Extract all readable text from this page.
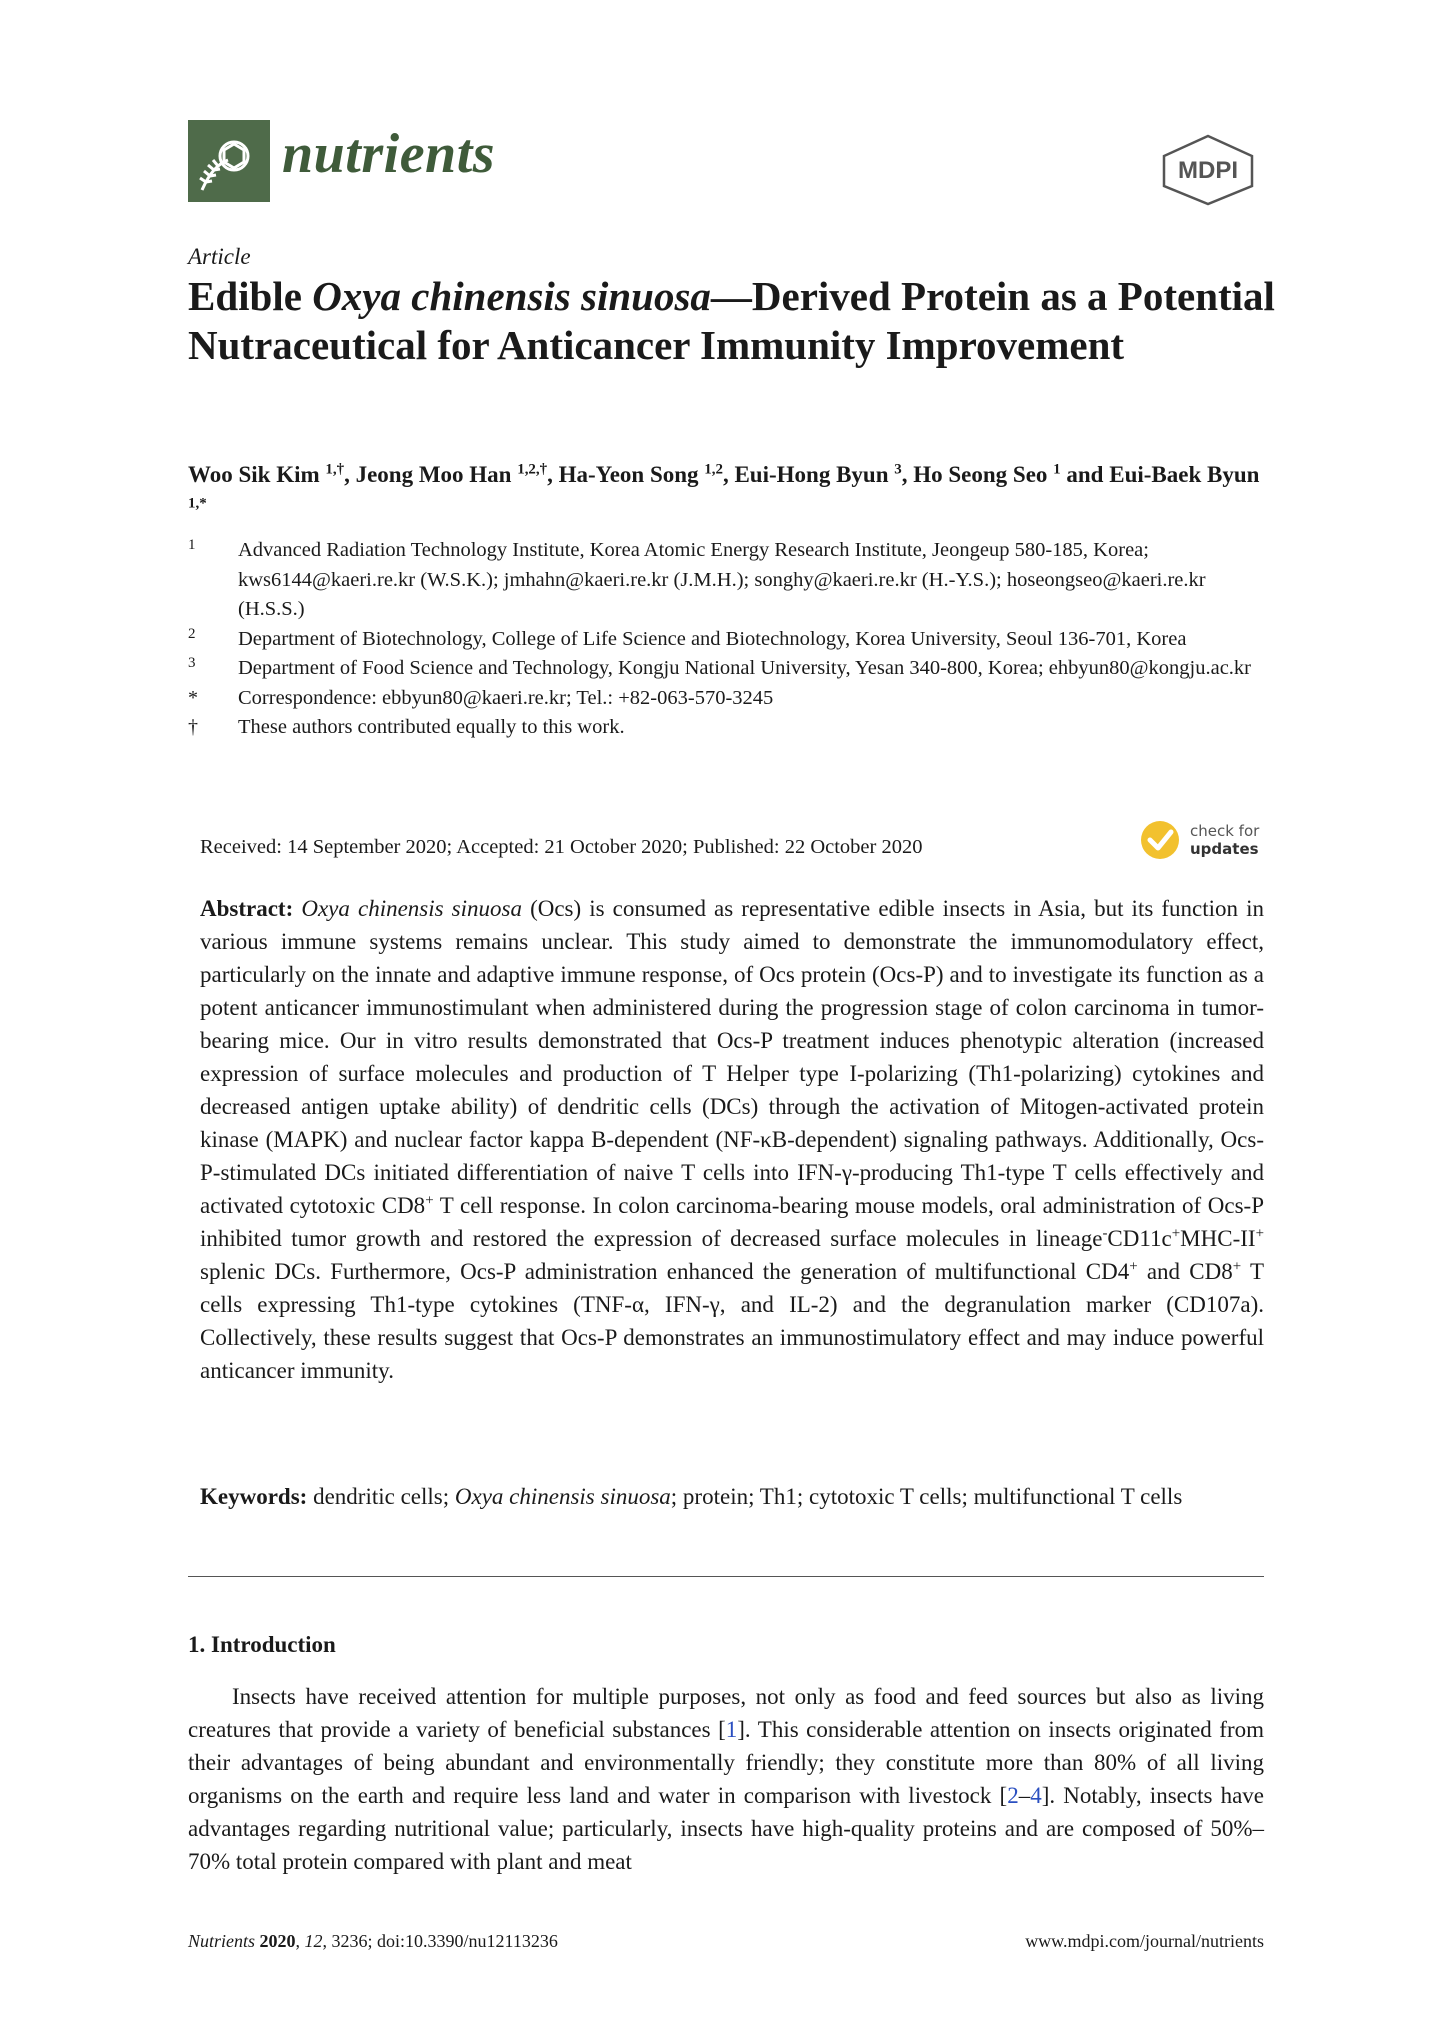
nutrients	MDPI
Article
Edible Oxya chinensis sinuosa—Derived Protein as a Potential Nutraceutical for Anticancer Immunity Improvement
Woo Sik Kim $^{1,\dagger}$, Jeong Moo Han $^{1,2,\dagger}$, Ha-Yeon Song $^{1,2}$, Eui-Hong Byun $^3$, Ho Seong Seo $^1$ and Eui-Baek Byun $^{1,*}$
1	Advanced Radiation Technology Institute, Korea Atomic Energy Research Institute, Jeongeup 580-185, Korea; kws6144@kaeri.re.kr (W.S.K.); jmhahn@kaeri.re.kr (J.M.H.); songhy@kaeri.re.kr (H.-Y.S.); hoseongseo@kaeri.re.kr (H.S.S.)
2	Department of Biotechnology, College of Life Science and Biotechnology, Korea University, Seoul 136-701, Korea
3	Department of Food Science and Technology, Kongju National University, Yesan 340-800, Korea; ehbyun80@kongju.ac.kr
*	Correspondence: ebbyun80@kaeri.re.kr; Tel.: +82-063-570-3245
†	These authors contributed equally to this work.
Received: 14 September 2020; Accepted: 21 October 2020; Published: 22 October 2020
check for
updates

Abstract: Oxya chinensis sinuosa (Ocs) is consumed as representative edible insects in Asia, but its function in various immune systems remains unclear. This study aimed to demonstrate the immunomodulatory effect, particularly on the innate and adaptive immune response, of Ocs protein (Ocs-P) and to investigate its function as a potent anticancer immunostimulant when administered during the progression stage of colon carcinoma in tumor-bearing mice. Our in vitro results demonstrated that Ocs-P treatment induces phenotypic alteration (increased expression of surface molecules and production of T Helper type I-polarizing (Th1-polarizing) cytokines and decreased antigen uptake ability) of dendritic cells (DCs) through the activation of Mitogen-activated protein kinase (MAPK) and nuclear factor kappa B-dependent (NF-κB-dependent) signaling pathways. Additionally, Ocs-P-stimulated DCs initiated differentiation of naive T cells into IFN-γ-producing Th1-type T cells effectively and activated cytotoxic CD8+ T cell response. In colon carcinoma-bearing mouse models, oral administration of Ocs-P inhibited tumor growth and restored the expression of decreased surface molecules in lineage-CD11c+MHC-II+ splenic DCs. Furthermore, Ocs-P administration enhanced the generation of multifunctional CD4+ and CD8+ T cells expressing Th1-type cytokines (TNF-α, IFN-γ, and IL-2) and the degranulation marker (CD107a). Collectively, these results suggest that Ocs-P demonstrates an immunostimulatory effect and may induce powerful anticancer immunity.

Keywords: dendritic cells; Oxya chinensis sinuosa; protein; Th1; cytotoxic T cells; multifunctional T cells

1. Introduction

Insects have received attention for multiple purposes, not only as food and feed sources but also as living creatures that provide a variety of beneficial substances [1]. This considerable attention on insects originated from their advantages of being abundant and environmentally friendly; they constitute more than 80% of all living organisms on the earth and require less land and water in comparison with livestock [2–4]. Notably, insects have advantages regarding nutritional value; particularly, insects have high-quality proteins and are composed of 50%–70% total protein compared with plant and meat

Nutrients 2020, 12, 3236; doi:10.3390/nu12113236	www.mdpi.com/journal/nutrients
